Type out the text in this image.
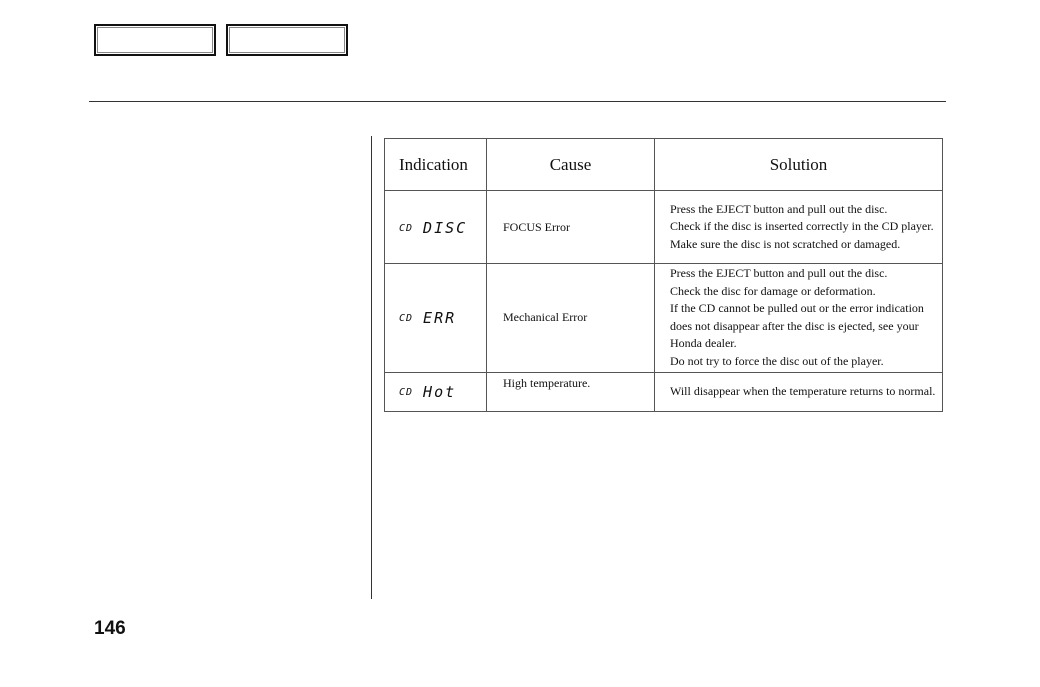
Indication	Cause	Solution
CD DISC	FOCUS Error	Press the EJECT button and pull out the disc.
Check if the disc is inserted correctly in the CD player.
Make sure the disc is not scratched or damaged.

CD ERR	Mechanical Error	Press the EJECT button and pull out the disc.
Check the disc for damage or deformation.
If the CD cannot be pulled out or the error indication does not disappear after the disc is ejected, see your Honda dealer.
Do not try to force the disc out of the player.

CD Hot	High temperature.	Will disappear when the temperature returns to normal.
146
